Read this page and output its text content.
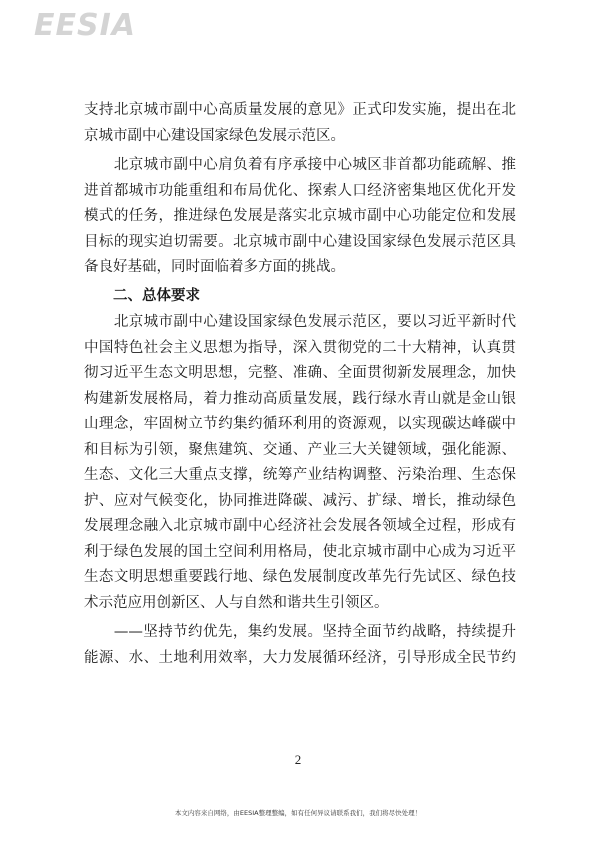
EESIA
支持北京城市副中心高质量发展的意见》正式印发实施，提出在北
京城市副中心建设国家绿色发展示范区。
　　北京城市副中心肩负着有序承接中心城区非首都功能疏解、推
进首都城市功能重组和布局优化、探索人口经济密集地区优化开发
模式的任务，推进绿色发展是落实北京城市副中心功能定位和发展
目标的现实迫切需要。北京城市副中心建设国家绿色发展示范区具
备良好基础，同时面临着多方面的挑战。
二、总体要求
　　北京城市副中心建设国家绿色发展示范区，要以习近平新时代
中国特色社会主义思想为指导，深入贯彻党的二十大精神，认真贯
彻习近平生态文明思想，完整、准确、全面贯彻新发展理念，加快
构建新发展格局，着力推动高质量发展，践行绿水青山就是金山银
山理念，牢固树立节约集约循环利用的资源观，以实现碳达峰碳中
和目标为引领，聚焦建筑、交通、产业三大关键领域，强化能源、
生态、文化三大重点支撑，统筹产业结构调整、污染治理、生态保
护、应对气候变化，协同推进降碳、减污、扩绿、增长，推动绿色
发展理念融入北京城市副中心经济社会发展各领域全过程，形成有
利于绿色发展的国土空间利用格局，使北京城市副中心成为习近平
生态文明思想重要践行地、绿色发展制度改革先行先试区、绿色技
术示范应用创新区、人与自然和谐共生引领区。
　　——坚持节约优先，集约发展。坚持全面节约战略，持续提升
能源、水、土地利用效率，大力发展循环经济，引导形成全民节约
2
本文内容来自网络，由EESIA整理整编，如有任何异议请联系我们，我们将尽快处理！
